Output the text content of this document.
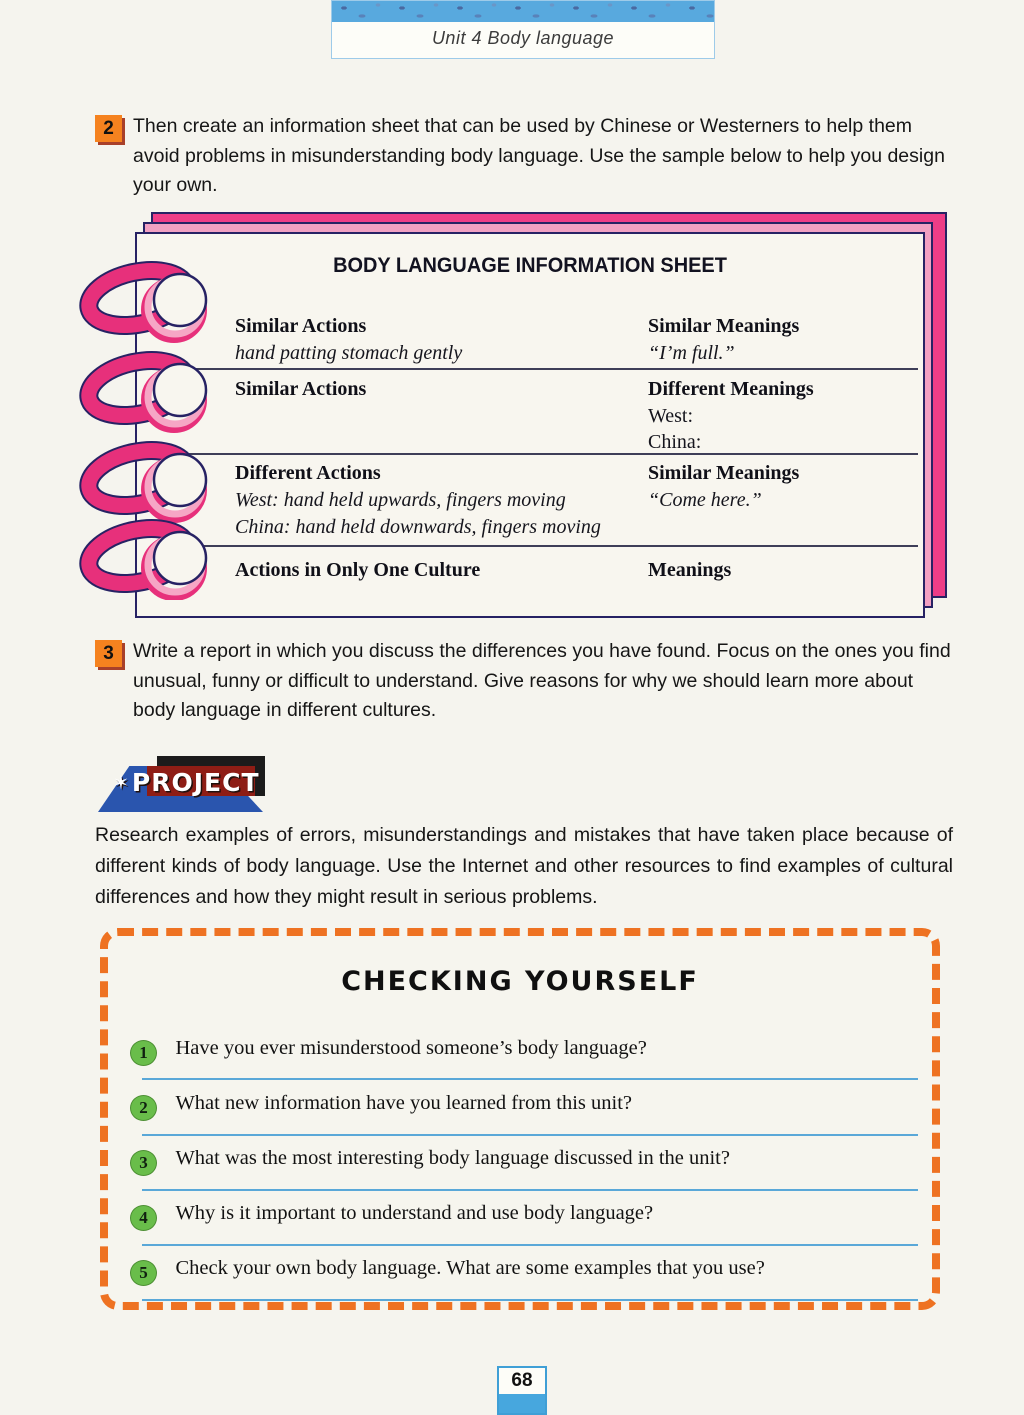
Unit 4 Body language
2 Then create an information sheet that can be used by Chinese or Westerners to help them avoid problems in misunderstanding body language. Use the sample below to help you design your own.

BODY LANGUAGE INFORMATION SHEET
Similar Actions
hand patting stomach gently
Similar Meanings
“I’m full.”
Similar Actions	Different Meanings
West:
China:
Different Actions
West: hand held upwards, fingers moving
China: hand held downwards, fingers moving
Similar Meanings
“Come here.”
Actions in Only One Culture	Meanings
3 Write a report in which you discuss the differences you have found. Focus on the ones you find unusual, funny or difficult to understand. Give reasons for why we should learn more about body language in different cultures.

✶PROJECT

Research examples of errors, misunderstandings and mistakes that have taken place because of different kinds of body language. Use the Internet and other resources to find examples of cultural differences and how they might result in serious problems.

CHECKING YOURSELF
1 Have you ever misunderstood someone’s body language?
2 What new information have you learned from this unit?
3 What was the most interesting body language discussed in the unit?
4 Why is it important to understand and use body language?
5 Check your own body language. What are some examples that you use?
68
